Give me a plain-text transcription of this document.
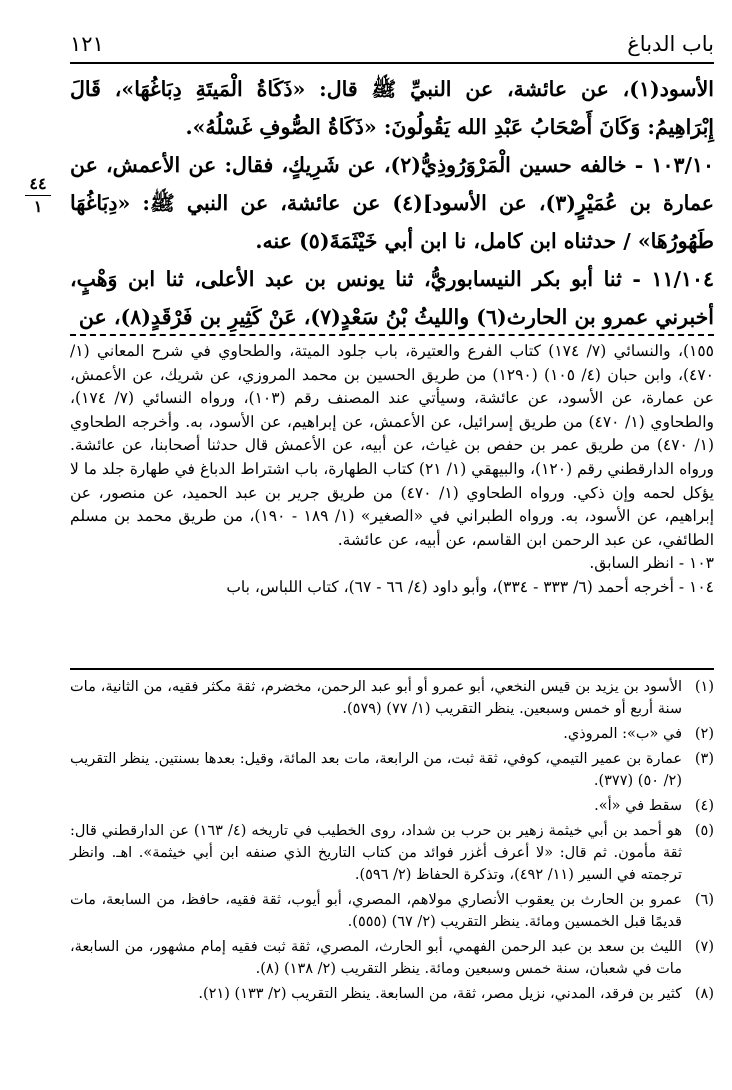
باب الدباغ
١٢١
٤٤
١

الأسود(١)، عن عائشة، عن النبيِّ ﷺ قال: «ذَكَاةُ الْمَيتَةِ دِبَاغُهَا»، قَالَ إِبْرَاهِيمُ: وَكَانَ أَصْحَابُ عَبْدِ الله يَقُولُونَ: «ذَكَاةُ الصُّوفِ غَسْلُهُ».

١٠٣/١٠ - خالفه حسين الْمَرْوَرُوذِيُّ(٢)، عن شَرِيكٍ، فقال: عن الأعمش، عن عمارة بن عُمَيْرٍ(٣)، عن الأسود](٤) عن عائشة، عن النبي ﷺ: «دِبَاغُهَا طَهُورُهَا» / حدثناه ابن كامل، نا ابن أبي خَيْثَمَةَ(٥) عنه.

١١/١٠٤ - ثنا أبو بكر النيسابوريُّ، ثنا يونس بن عبد الأعلى، ثنا ابن وَهْبٍ، أخبرني عمرو بن الحارث(٦) والليثُ بْنُ سَعْدٍ(٧)، عَنْ كَثِيرِ بن فَرْقَدٍ(٨)، عن

١٥٥)، والنسائي (٧/ ١٧٤) كتاب الفرع والعتيرة، باب جلود الميتة، والطحاوي في شرح المعاني (١/ ٤٧٠)، وابن حبان (٤/ ١٠٥) (١٢٩٠) من طريق الحسين بن محمد المروزي، عن شريك، عن الأعمش، عن عمارة، عن الأسود، عن عائشة، وسيأتي عند المصنف رقم (١٠٣)، ورواه النسائي (٧/ ١٧٤)، والطحاوي (١/ ٤٧٠) من طريق إسرائيل، عن الأعمش، عن إبراهيم، عن الأسود، به. وأخرجه الطحاوي (١/ ٤٧٠) من طريق عمر بن حفص بن غياث، عن أبيه، عن الأعمش قال حدثنا أصحابنا، عن عائشة. ورواه الدارقطني رقم (١٢٠)، والبيهقي (١/ ٢١) كتاب الطهارة، باب اشتراط الدباغ في طهارة جلد ما لا يؤكل لحمه وإن ذكي. ورواه الطحاوي (١/ ٤٧٠) من طريق جرير بن عبد الحميد، عن منصور، عن إبراهيم، عن الأسود، به. ورواه الطبراني في «الصغير» (١/ ١٨٩ - ١٩٠)، من طريق محمد بن مسلم الطائفي، عن عبد الرحمن ابن القاسم، عن أبيه، عن عائشة.

١٠٣ - انظر السابق.

١٠٤ - أخرجه أحمد (٦/ ٣٣٣ - ٣٣٤)، وأبو داود (٤/ ٦٦ - ٦٧)، كتاب اللباس، باب

(١)
الأسود بن يزيد بن قيس النخعي، أبو عمرو أو أبو عبد الرحمن، مخضرم، ثقة مكثر فقيه، من الثانية، مات سنة أربع أو خمس وسبعين. ينظر التقريب (١/ ٧٧) (٥٧٩).
(٢)
في «ب»: المروذي.
(٣)
عمارة بن عمير التيمي، كوفي، ثقة ثبت، من الرابعة، مات بعد المائة، وقيل: بعدها بسنتين. ينظر التقريب (٢/ ٥٠) (٣٧٧).
(٤)
سقط في «أ».
(٥)
هو أحمد بن أبي خيثمة زهير بن حرب بن شداد، روى الخطيب في تاريخه (٤/ ١٦٣) عن الدارقطني قال: ثقة مأمون. ثم قال: «لا أعرف أغزر فوائد من كتاب التاريخ الذي صنفه ابن أبي خيثمة». اهـ. وانظر ترجمته في السير (١١/ ٤٩٢)، وتذكرة الحفاظ (٢/ ٥٩٦).
(٦)
عمرو بن الحارث بن يعقوب الأنصاري مولاهم، المصري، أبو أيوب، ثقة فقيه، حافظ، من السابعة، مات قديمًا قبل الخمسين ومائة. ينظر التقريب (٢/ ٦٧) (٥٥٥).
(٧)
الليث بن سعد بن عبد الرحمن الفهمي، أبو الحارث، المصري، ثقة ثبت فقيه إمام مشهور، من السابعة، مات في شعبان، سنة خمس وسبعين ومائة. ينظر التقريب (٢/ ١٣٨) (٨).
(٨)
كثير بن فرقد، المدني، نزيل مصر، ثقة، من السابعة. ينظر التقريب (٢/ ١٣٣) (٢١).
